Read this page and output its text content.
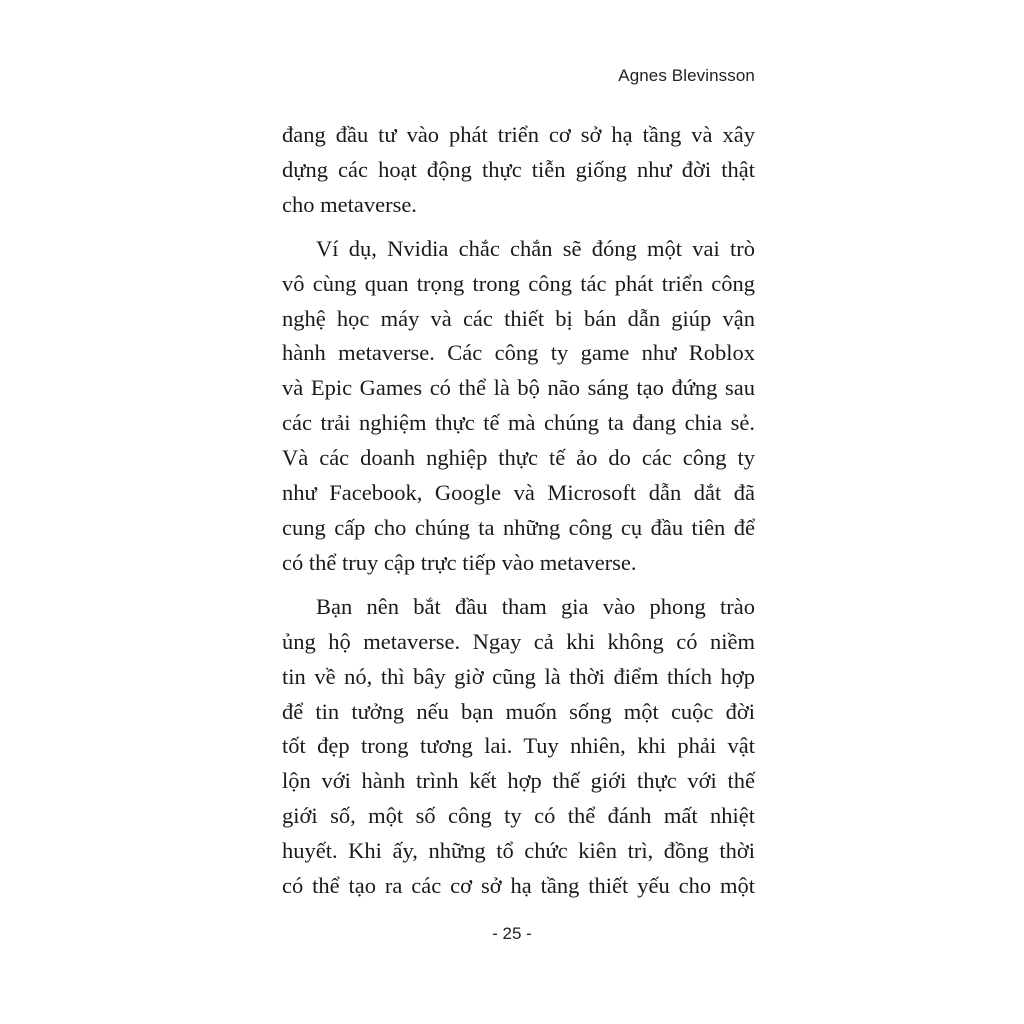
Agnes Blevinsson

đang đầu tư vào phát triển cơ sở hạ tầng và xây
dựng các hoạt động thực tiễn giống như đời thật
cho metaverse.

Ví dụ, Nvidia chắc chắn sẽ đóng một vai trò
vô cùng quan trọng trong công tác phát triển công
nghệ học máy và các thiết bị bán dẫn giúp vận
hành metaverse. Các công ty game như Roblox
và Epic Games có thể là bộ não sáng tạo đứng sau
các trải nghiệm thực tế mà chúng ta đang chia sẻ.
Và các doanh nghiệp thực tế ảo do các công ty
như Facebook, Google và Microsoft dẫn dắt đã
cung cấp cho chúng ta những công cụ đầu tiên để
có thể truy cập trực tiếp vào metaverse.

Bạn nên bắt đầu tham gia vào phong trào
ủng hộ metaverse. Ngay cả khi không có niềm
tin về nó, thì bây giờ cũng là thời điểm thích hợp
để tin tưởng nếu bạn muốn sống một cuộc đời
tốt đẹp trong tương lai. Tuy nhiên, khi phải vật
lộn với hành trình kết hợp thế giới thực với thế
giới số, một số công ty có thể đánh mất nhiệt
huyết. Khi ấy, những tổ chức kiên trì, đồng thời
có thể tạo ra các cơ sở hạ tầng thiết yếu cho một

- 25 -
